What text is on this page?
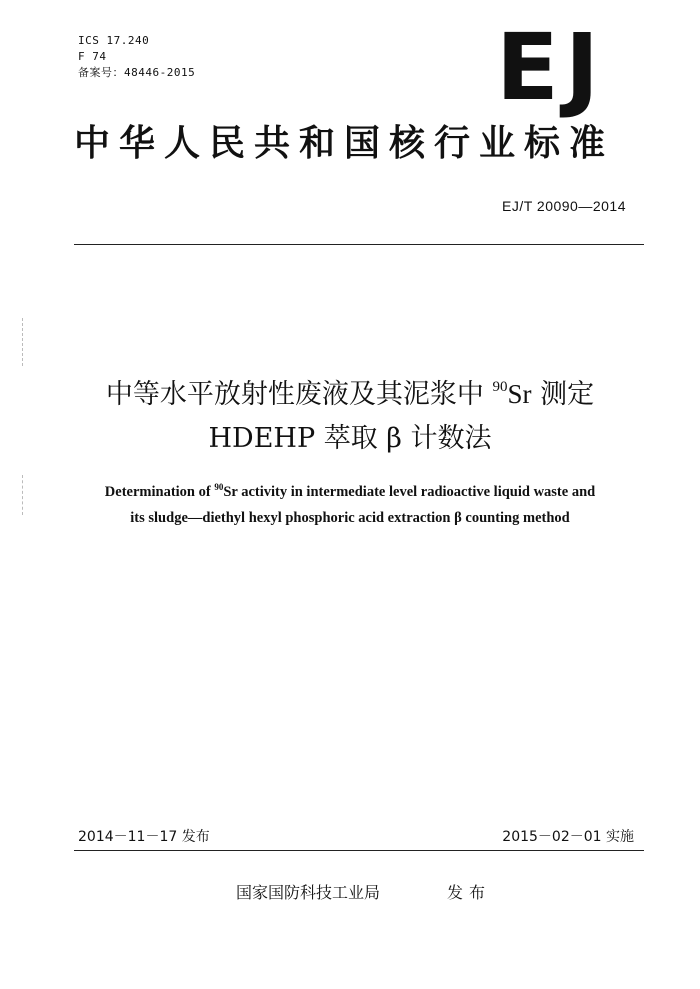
ICS 17.240
F 74
备案号：48446-2015	EJ
中华人民共和国核行业标准
EJ/T 20090—2014
中等水平放射性废液及其泥浆中 $^{90}$Sr 测定
HDEHP 萃取 β 计数法
Determination of $^{90}$Sr activity in intermediate level radioactive liquid waste and
its sludge—diethyl hexyl phosphoric acid extraction β counting method
2014－11－17 发布	2015－02－01 实施
国家国防科技工业局	发布
